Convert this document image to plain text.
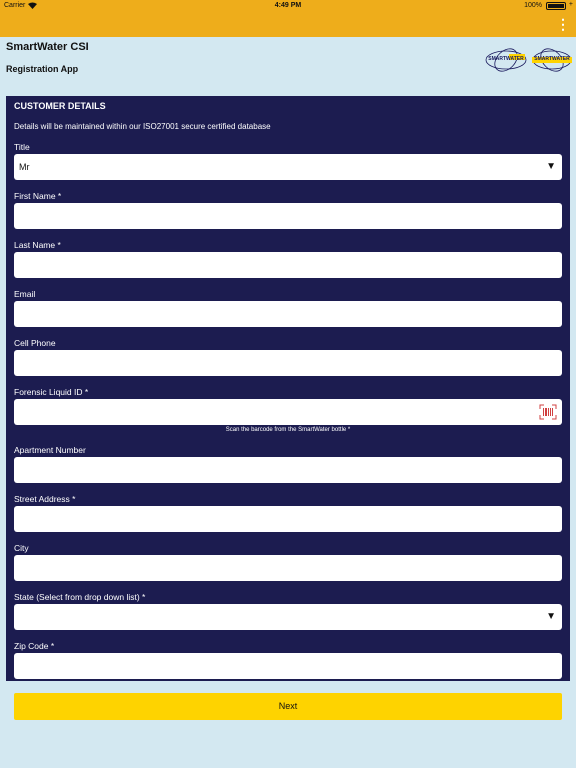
Carrier	4:49 PM	100%	+
⋮
SmartWater CSI
Registration App
SMARTWATER	SMARTWATER
CUSTOMER DETAILS
Details will be maintained within our ISO27001 secure certified database
Title
Mr	▼
First Name *
Last Name *
Email
Cell Phone
Forensic Liquid ID *
Scan the barcode from the SmartWater bottle *
Apartment Number
Street Address *
City
State (Select from drop down list) *
▼
Zip Code *
Next
